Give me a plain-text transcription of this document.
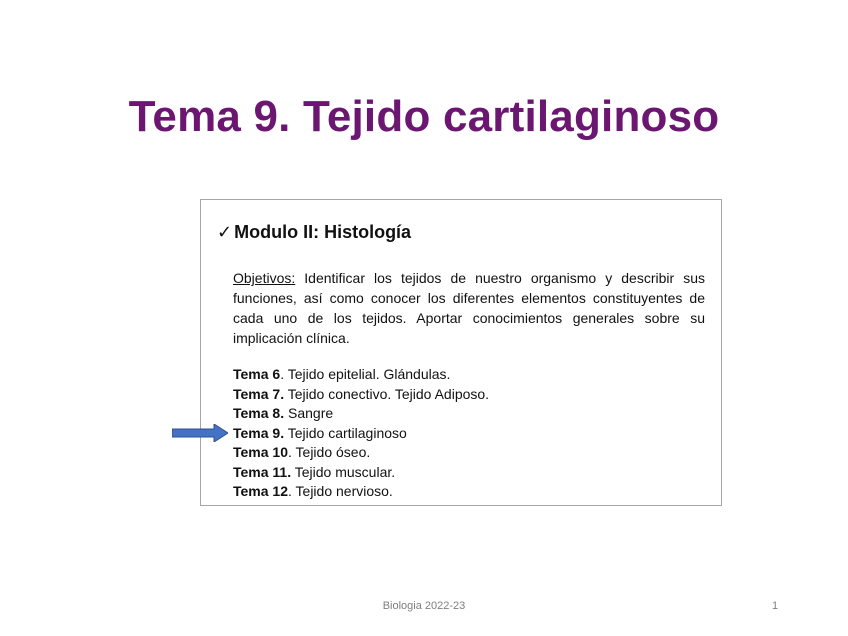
Tema 9. Tejido cartilaginoso
✓ Modulo II: Histología
Objetivos: Identificar los tejidos de nuestro organismo y describir sus funciones, así como conocer los diferentes elementos constituyentes de cada uno de los tejidos. Aportar conocimientos generales sobre su implicación clínica.
Tema 6. Tejido epitelial. Glándulas.
Tema 7. Tejido conectivo. Tejido Adiposo.
Tema 8. Sangre
Tema 9. Tejido cartilaginoso
Tema 10. Tejido óseo.
Tema 11. Tejido muscular.
Tema 12. Tejido nervioso.
Biologia 2022-23	1
